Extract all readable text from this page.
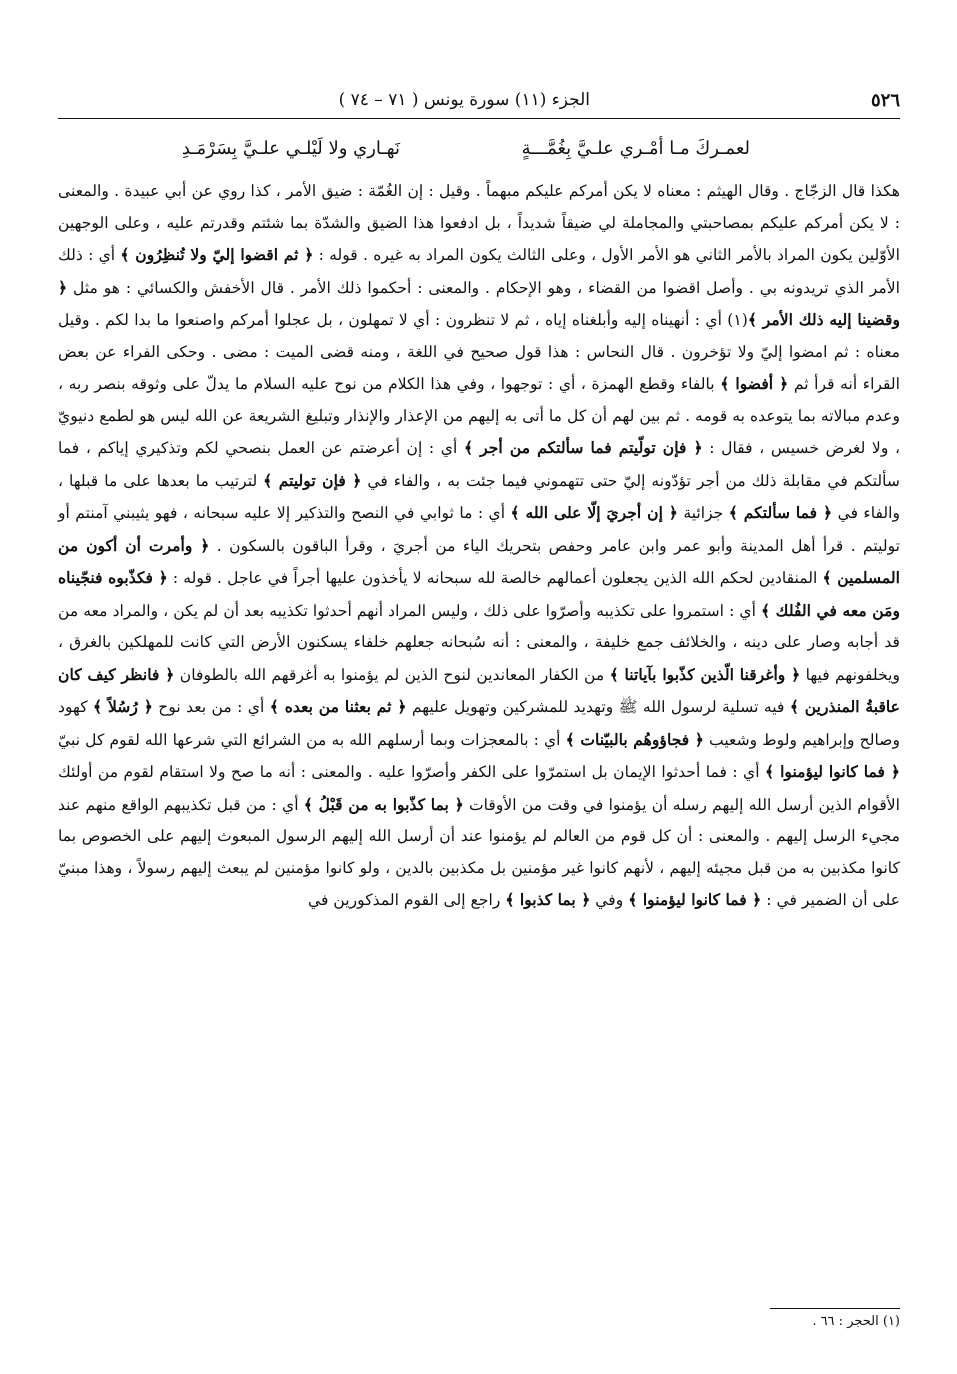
٥٢٦
الجزء (١١) سورة يونس ( ٧١ – ٧٤ )
لعمـركَ مـا أمْـري علـيَّ بِغُمَّـــةٍ
نَهـاري ولا لَيْلـي علـيَّ بِسَرْمَـدِ

هكذا قال الزجّاج . وقال الهيثم : معناه لا يكن أمركم عليكم مبهماً . وقيل : إن الغُمّة : ضيق الأمر ، كذا روي عن أبي عبيدة . والمعنى : لا يكن أمركم عليكم بمصاحبتي والمجاملة لي ضيقاً شديداً ، بل ادفعوا هذا الضيق والشدّة بما شئتم وقدرتم عليه ، وعلى الوجهين الأوّلين يكون المراد بالأمر الثاني هو الأمر الأول ، وعلى الثالث يكون المراد به غيره . قوله : ﴿ ثم اقضوا إليّ ولا تُنظِرُون ﴾ أي : ذلك الأمر الذي تريدونه بي . وأصل اقضوا من القضاء ، وهو الإحكام . والمعنى : أحكموا ذلك الأمر . قال الأخفش والكسائي : هو مثل ﴿ وقضينا إليه ذلك الأمر ﴾(١) أي : أنهيناه إليه وأبلغناه إياه ، ثم لا تنظرون : أي لا تمهلون ، بل عجلوا أمركم واصنعوا ما بدا لكم . وقيل معناه : ثم امضوا إليّ ولا تؤخرون . قال النحاس : هذا قول صحيح في اللغة ، ومنه قضى الميت : مضى . وحكى الفراء عن بعض القراء أنه قرأ ثم ﴿ أفضوا ﴾ بالفاء وقطع الهمزة ، أي : توجهوا ، وفي هذا الكلام من نوح عليه السلام ما يدلّ على وثوقه بنصر ربه ، وعدم مبالاته بما يتوعده به قومه . ثم بين لهم أن كل ما أتى به إليهم من الإعذار والإنذار وتبليغ الشريعة عن الله ليس هو لطمع دنيويّ ، ولا لغرض خسيس ، فقال : ﴿ فإن تولّيتم فما سألتكم من أجر ﴾ أي : إن أعرضتم عن العمل بنصحي لكم وتذكيري إياكم ، فما سألتكم في مقابلة ذلك من أجر تؤدّونه إليّ حتى تتهموني فيما جئت به ، والفاء في ﴿ فإن توليتم ﴾ لترتيب ما بعدها على ما قبلها ، والفاء في ﴿ فما سألتكم ﴾ جزائية ﴿ إن أجريَ إلّا على الله ﴾ أي : ما ثوابي في النصح والتذكير إلا عليه سبحانه ، فهو يثيبني آمنتم أو توليتم . قرأ أهل المدينة وأبو عمر وابن عامر وحفص بتحريك الياء من أجريَ ، وقرأ الباقون بالسكون . ﴿ وأمرت أن أكون من المسلمين ﴾ المنقادين لحكم الله الذين يجعلون أعمالهم خالصة لله سبحانه لا يأخذون عليها أجراً في عاجل . قوله : ﴿ فكذّبوه فنجّيناه ومَن معه في الفُلك ﴾ أي : استمروا على تكذيبه وأصرّوا على ذلك ، وليس المراد أنهم أحدثوا تكذيبه بعد أن لم يكن ، والمراد معه من قد أجابه وصار على دينه ، والخلائف جمع خليفة ، والمعنى : أنه سُبحانه جعلهم خلفاء يسكنون الأرض التي كانت للمهلكين بالغرق ، ويخلفونهم فيها ﴿ وأغرقنا الّذين كذّبوا بآياتنا ﴾ من الكفار المعاندين لنوح الذين لم يؤمنوا به أغرقهم الله بالطوفان ﴿ فانظر كيف كان عاقبةُ المنذرين ﴾ فيه تسلية لرسول الله ﷺ وتهديد للمشركين وتهويل عليهم ﴿ ثم بعثنا من بعده ﴾ أي : من بعد نوح ﴿ رُسُلاً ﴾ كهود وصالح وإبراهيم ولوط وشعيب ﴿ فجاؤوهُم بالبيّنات ﴾ أي : بالمعجزات وبما أرسلهم الله به من الشرائع التي شرعها الله لقوم كل نبيّ ﴿ فما كانوا ليؤمنوا ﴾ أي : فما أحدثوا الإيمان بل استمرّوا على الكفر وأصرّوا عليه . والمعنى : أنه ما صح ولا استقام لقوم من أولئك الأقوام الذين أرسل الله إليهم رسله أن يؤمنوا في وقت من الأوقات ﴿ بما كذّبوا به من قَبْلُ ﴾ أي : من قبل تكذيبهم الواقع منهم عند مجيء الرسل إليهم . والمعنى : أن كل قوم من العالم لم يؤمنوا عند أن أرسل الله إليهم الرسول المبعوث إليهم على الخصوص بما كانوا مكذبين به من قبل مجيئه إليهم ، لأنهم كانوا غير مؤمنين بل مكذبين بالدين ، ولو كانوا مؤمنين لم يبعث إليهم رسولاً ، وهذا مبنيّ على أن الضمير في : ﴿ فما كانوا ليؤمنوا ﴾ وفي ﴿ بما كذبوا ﴾ راجع إلى القوم المذكورين في

(١) الحجر : ٦٦ .
